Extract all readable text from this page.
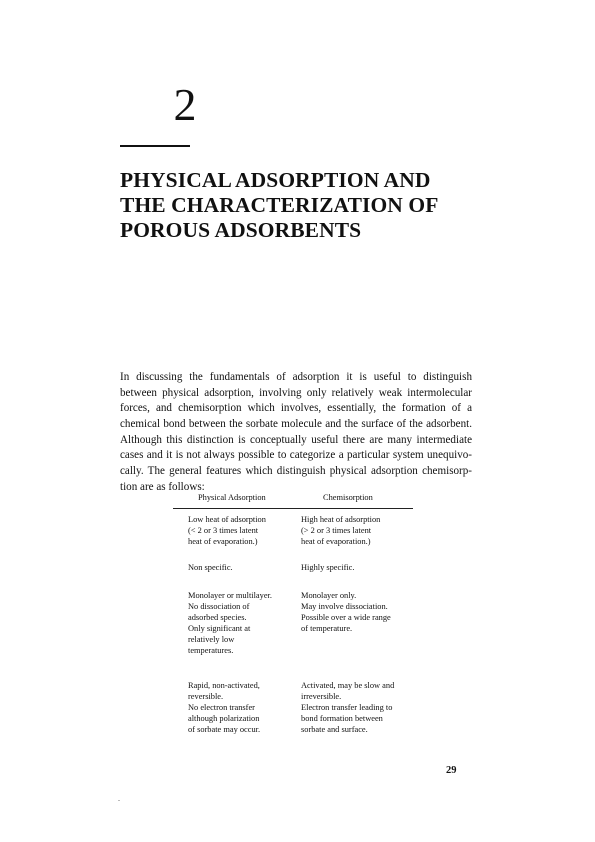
2
PHYSICAL ADSORPTION AND
THE CHARACTERIZATION OF
POROUS ADSORBENTS
In discussing the fundamentals of adsorption it is useful to distinguish
between physical adsorption, involving only relatively weak intermolecular
forces, and chemisorption which involves, essentially, the formation of a
chemical bond between the sorbate molecule and the surface of the adsorbent.
Although this distinction is conceptually useful there are many intermediate
cases and it is not always possible to categorize a particular system unequivo-
cally. The general features which distinguish physical adsorption chemisorp-
tion are as follows:
Physical Adsorption	Chemisorption
Low heat of adsorption
(< 2 or 3 times latent
heat of evaporation.)
High heat of adsorption
(> 2 or 3 times latent
heat of evaporation.)
Non specific.	Highly specific.
Monolayer or multilayer.
No dissociation of
adsorbed species.
Only significant at
relatively low
temperatures.
Monolayer only.
May involve dissociation.
Possible over a wide range
of temperature.
Rapid, non-activated,
reversible.
No electron transfer
although polarization
of sorbate may occur.
Activated, may be slow and
irreversible.
Electron transfer leading to
bond formation between
sorbate and surface.
29
